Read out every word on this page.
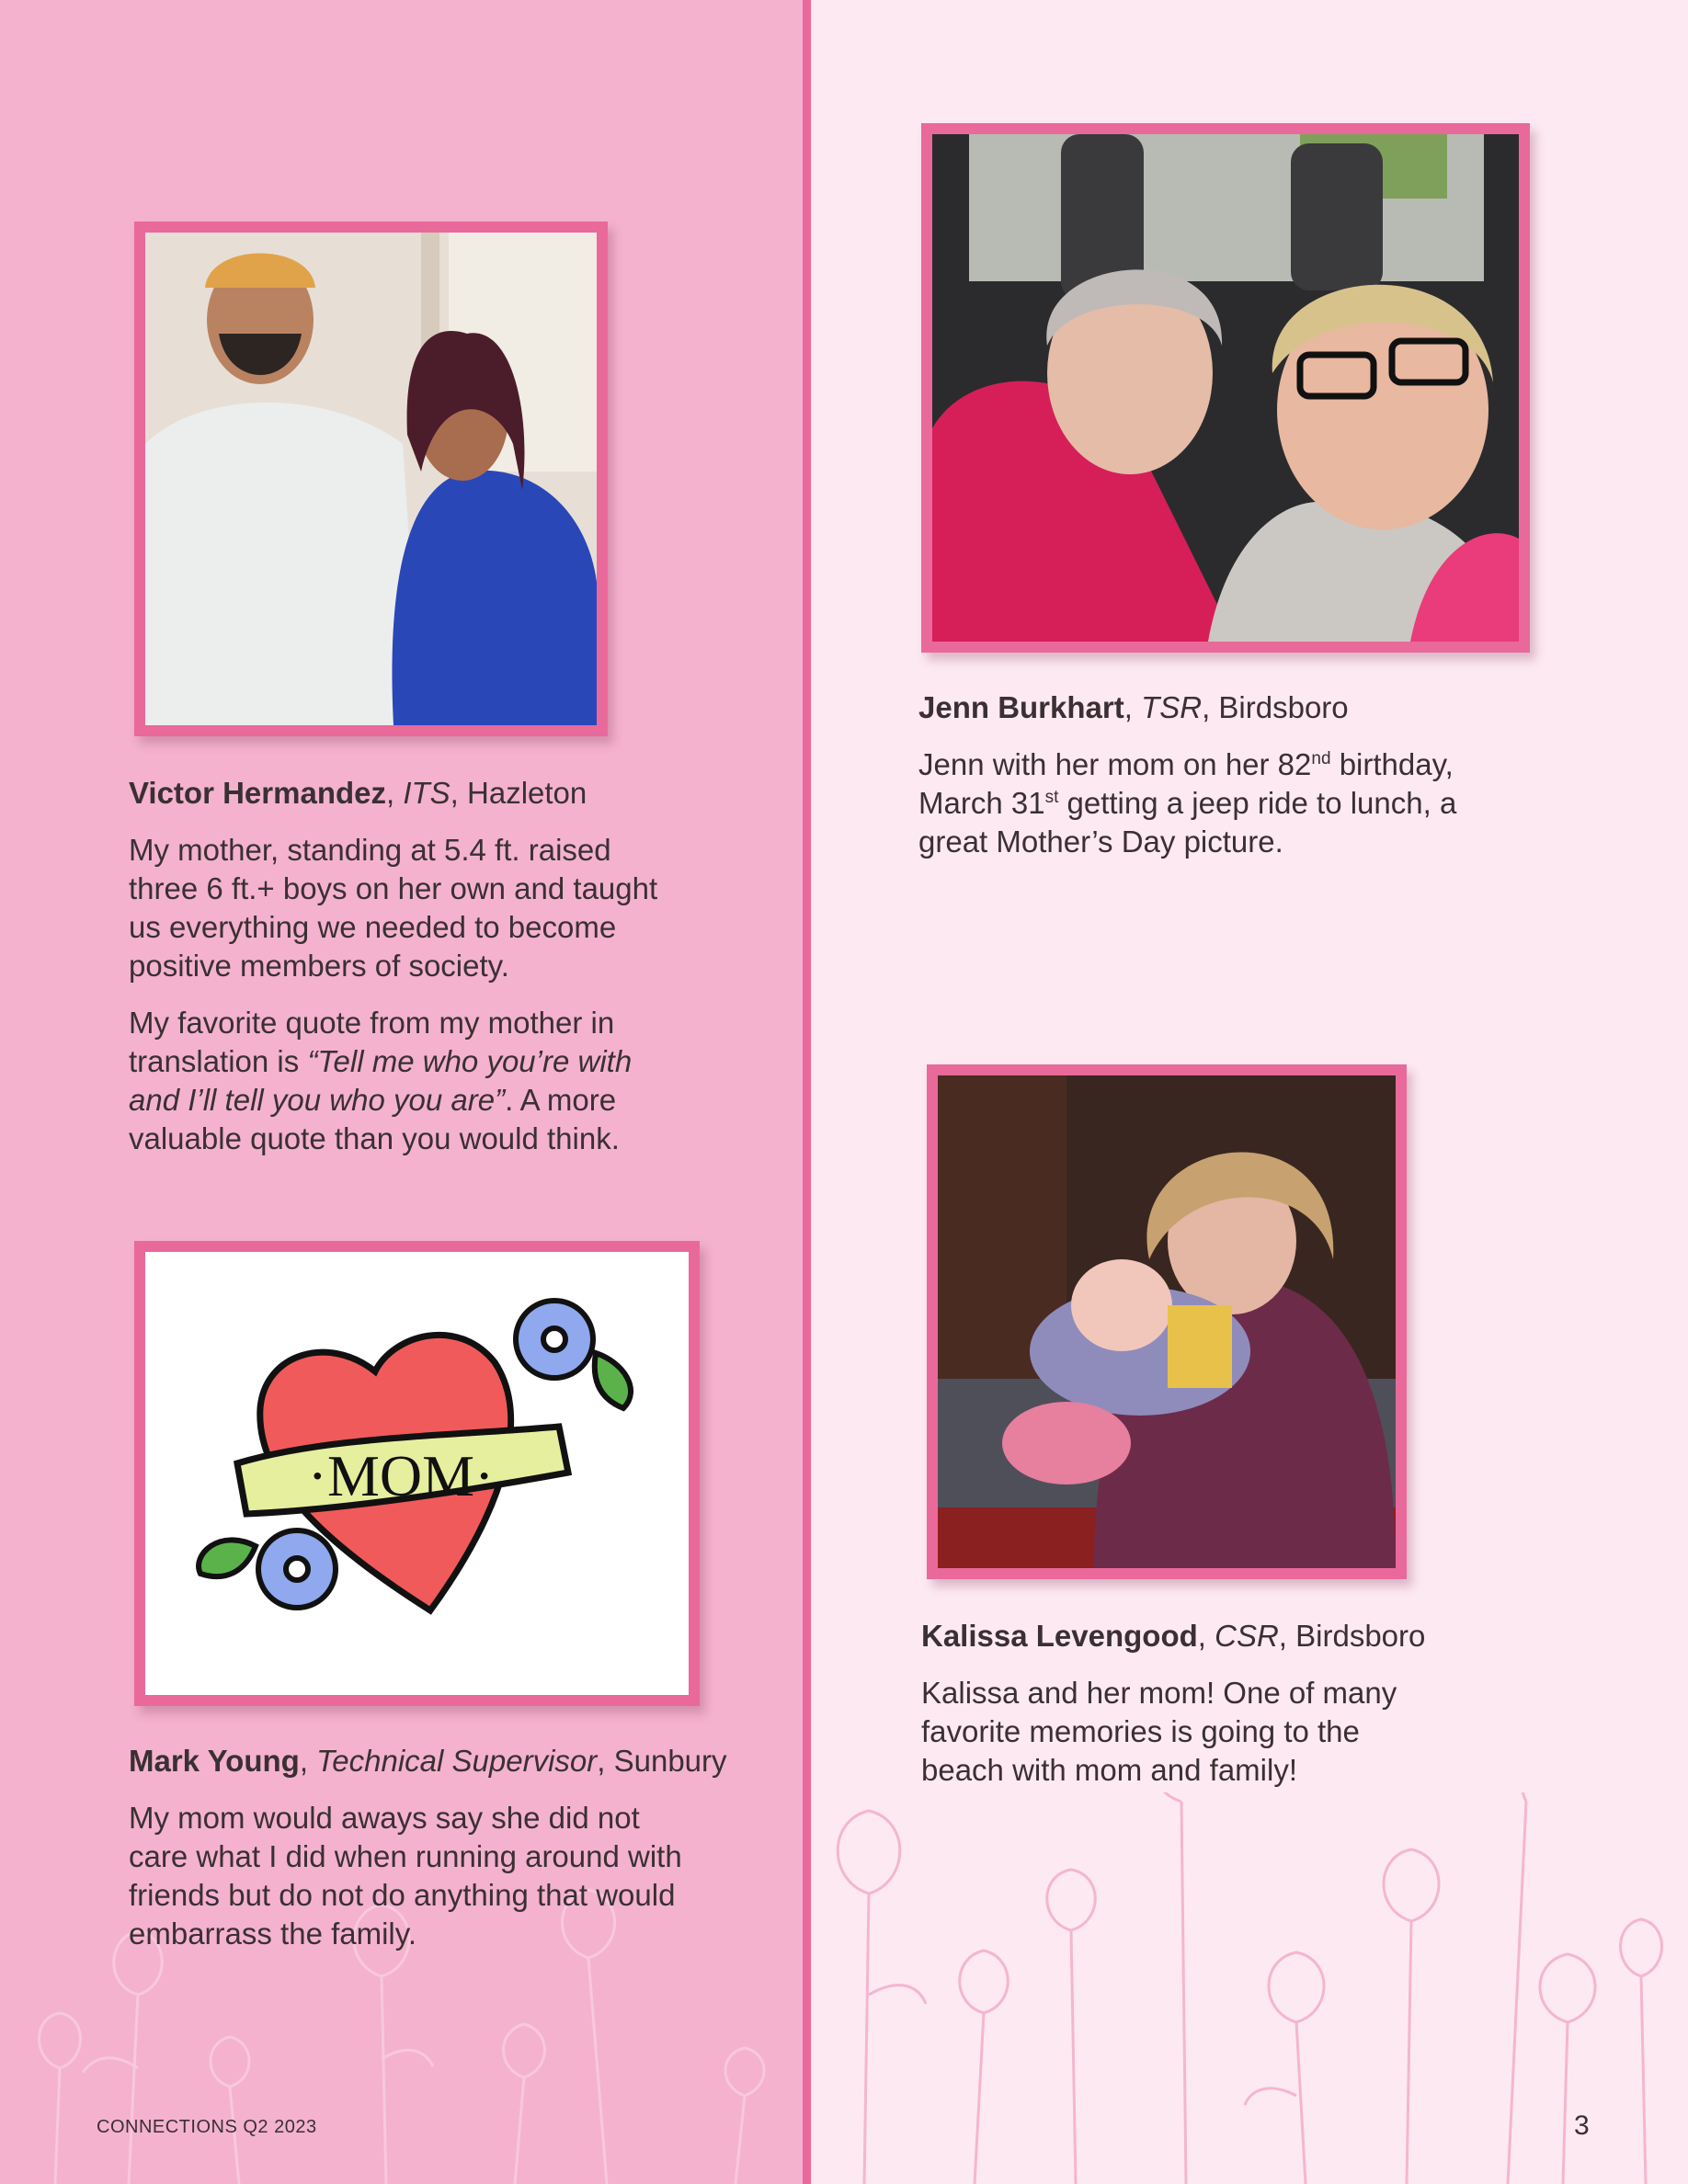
Victor Hermandez, ITS, Hazleton

My mother, standing at 5.4 ft. raised three 6 ft.+ boys on her own and taught us everything we needed to become positive members of society.

My favorite quote from my mother in translation is “Tell me who you’re with and I’ll tell you who you are”. A more valuable quote than you would think.

·MOM·
Mark Young, Technical Supervisor, Sunbury

My mom would aways say she did not care what I did when running around with friends but do not do anything that would embarrass the family.

Jenn Burkhart, TSR, Birdsboro

Jenn with her mom on her 82nd birthday, March 31st getting a jeep ride to lunch, a great Mother’s Day picture.

Kalissa Levengood, CSR, Birdsboro

Kalissa and her mom! One of many favorite memories is going to the beach with mom and family!

CONNECTIONS Q2 2023	3
